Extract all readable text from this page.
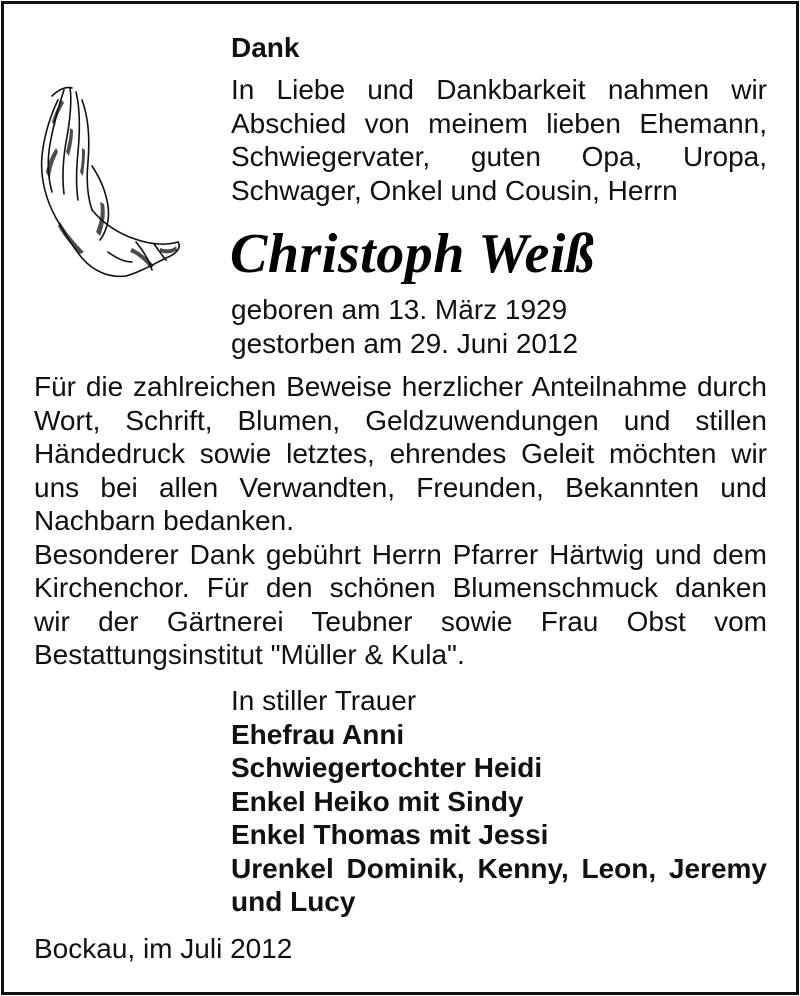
Dank

In Liebe und Dankbarkeit nahmen wir
Abschied von meinem lieben Ehemann,
Schwiegervater, guten Opa, Uropa,
Schwager, Onkel und Cousin, Herrn
Christoph Weiß
geboren am 13. März 1929
gestorben am 29. Juni 2012
Für die zahlreichen Beweise herzlicher Anteilnahme durch
Wort, Schrift, Blumen, Geldzuwendungen und stillen
Händedruck sowie letztes, ehrendes Geleit möchten wir
uns bei allen Verwandten, Freunden, Bekannten und
Nachbarn bedanken.
Besonderer Dank gebührt Herrn Pfarrer Härtwig und dem
Kirchenchor. Für den schönen Blumenschmuck danken
wir der Gärtnerei Teubner sowie Frau Obst vom
Bestattungsinstitut "Müller & Kula".
In stiller Trauer
Ehefrau Anni
Schwiegertochter Heidi
Enkel Heiko mit Sindy
Enkel Thomas mit Jessi
Urenkel Dominik, Kenny, Leon, Jeremy
und Lucy

Bockau, im Juli 2012
